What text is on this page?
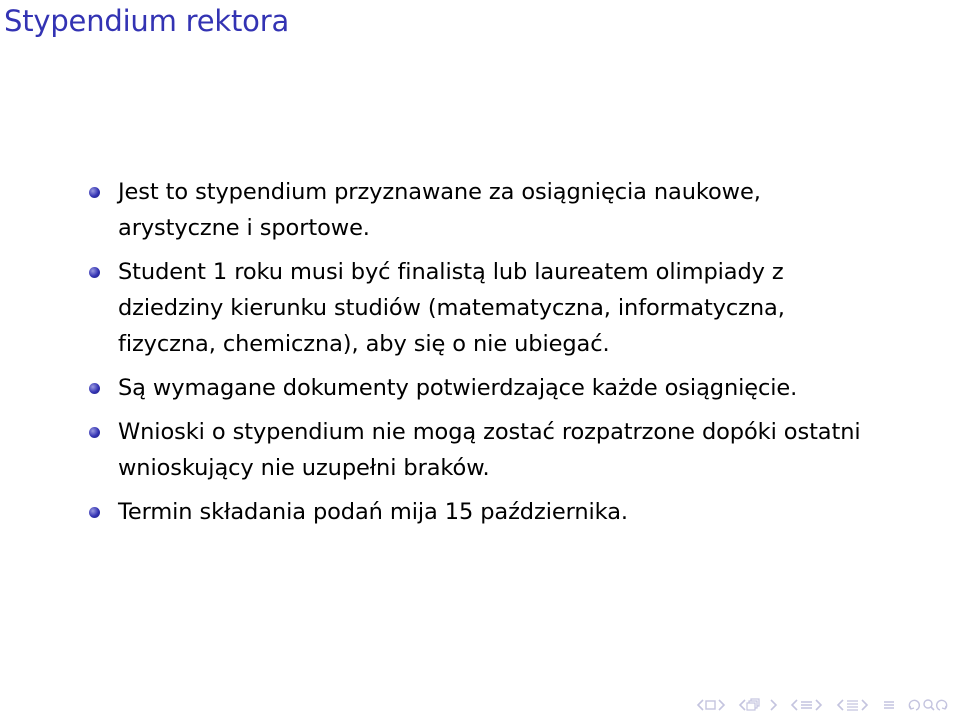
Stypendium rektora
Jest to stypendium przyznawane za osiągnięcia naukowe, arystyczne i sportowe.
Student 1 roku musi być finalistą lub laureatem olimpiady z dziedziny kierunku studiów (matematyczna, informatyczna, fizyczna, chemiczna), aby się o nie ubiegać.
Są wymagane dokumenty potwierdzające każde osiągnięcie.
Wnioski o stypendium nie mogą zostać rozpatrzone dopóki ostatni wnioskujący nie uzupełni braków.
Termin składania podań mija 15 października.
